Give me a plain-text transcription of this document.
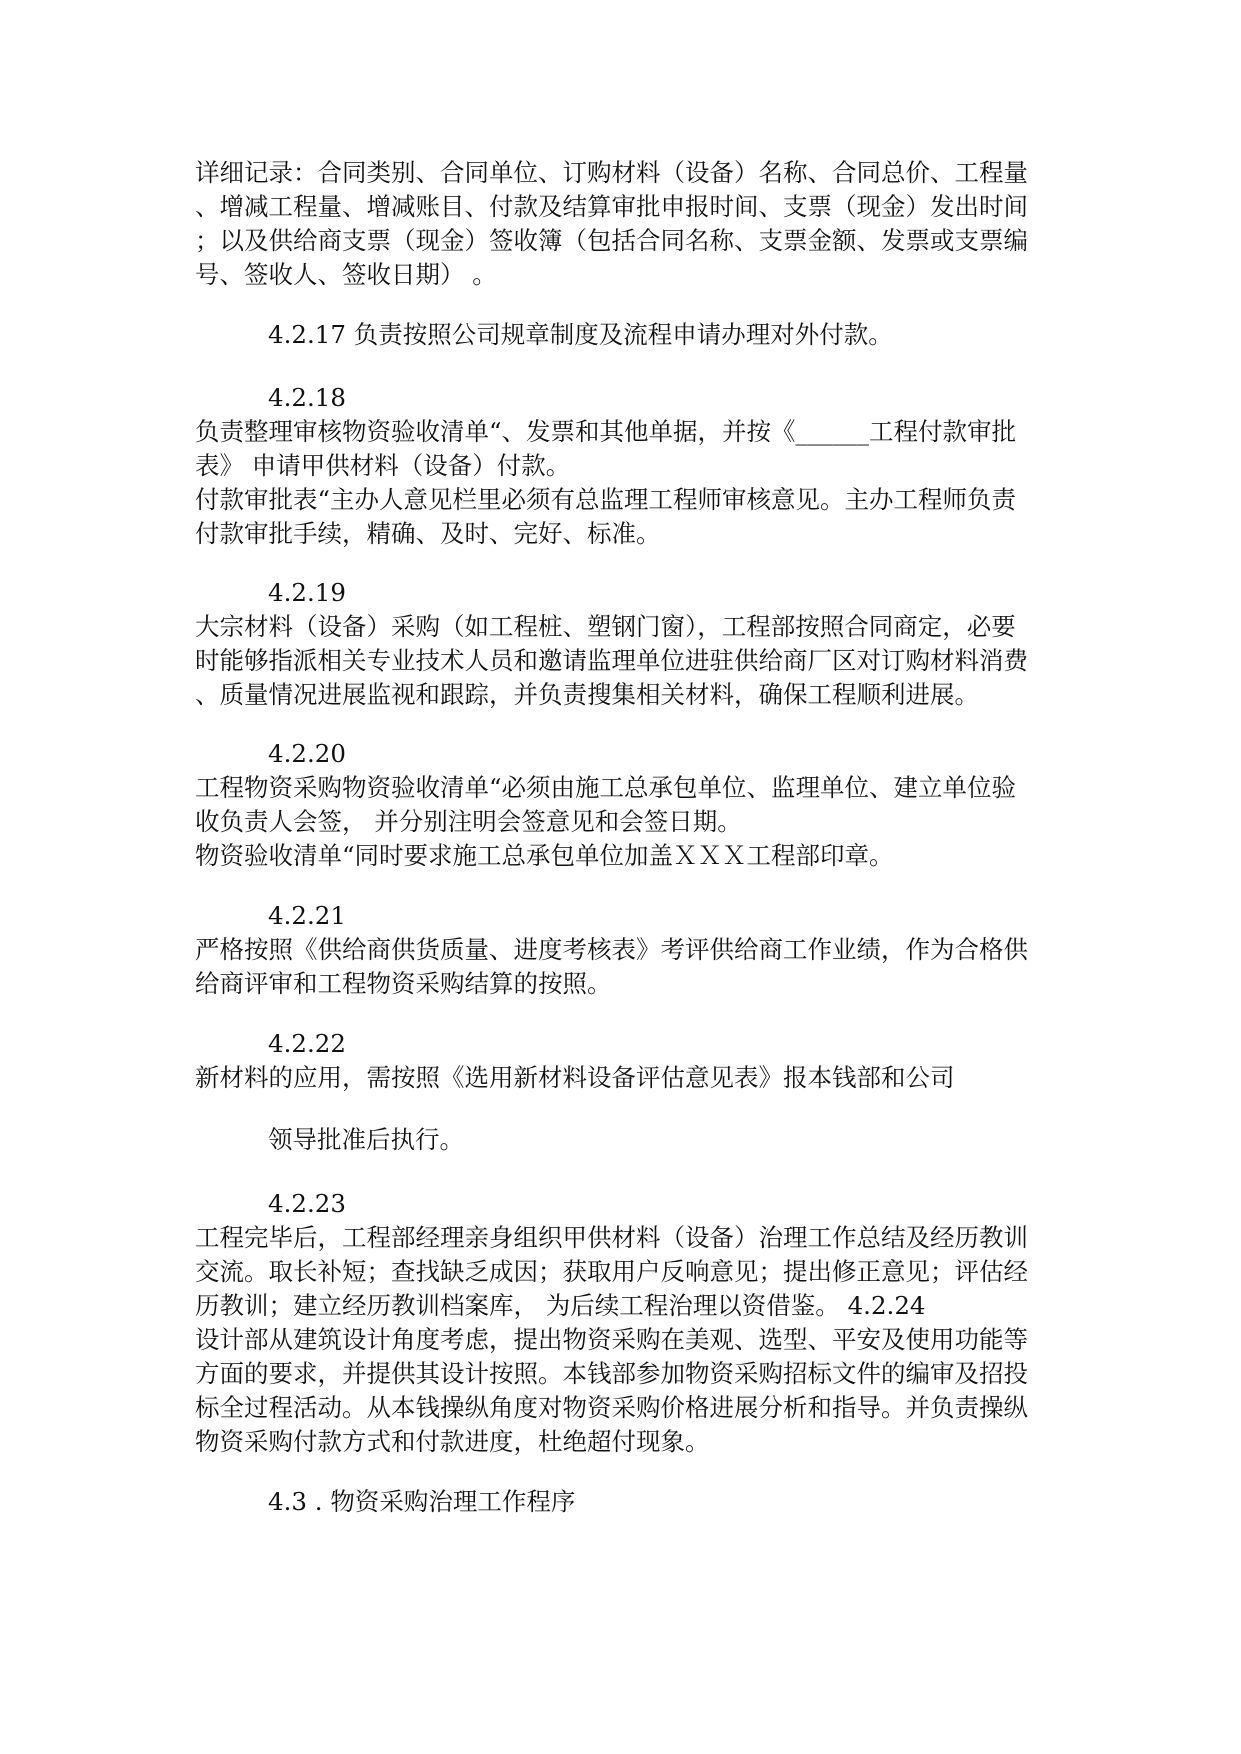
详细记录：合同类别、合同单位、订购材料（设备）名称、合同总价、工程量
、增减工程量、增减账目、付款及结算审批申报时间、支票（现金）发出时间
；以及供给商支票（现金）签收簿（包括合同名称、支票金额、发票或支票编
号、签收人、签收日期） 。
4.2.17 负责按照公司规章制度及流程申请办理对外付款。
4.2.18
负责整理审核物资验收清单“、发票和其他单据，并按《______工程付款审批
表》 申请甲供材料（设备）付款。
付款审批表“主办人意见栏里必须有总监理工程师审核意见。主办工程师负责
付款审批手续，精确、及时、完好、标准。
4.2.19
大宗材料（设备）采购（如工程桩、塑钢门窗），工程部按照合同商定，必要
时能够指派相关专业技术人员和邀请监理单位进驻供给商厂区对订购材料消费
、质量情况进展监视和跟踪，并负责搜集相关材料，确保工程顺利进展。
4.2.20
工程物资采购物资验收清单“必须由施工总承包单位、监理单位、建立单位验
收负责人会签， 并分别注明会签意见和会签日期。
物资验收清单“同时要求施工总承包单位加盖ＸＸＸ工程部印章。
4.2.21
严格按照《供给商供货质量、进度考核表》考评供给商工作业绩，作为合格供
给商评审和工程物资采购结算的按照。
4.2.22
新材料的应用，需按照《选用新材料设备评估意见表》报本钱部和公司
领导批准后执行。
4.2.23
工程完毕后，工程部经理亲身组织甲供材料（设备）治理工作总结及经历教训
交流。取长补短；查找缺乏成因；获取用户反响意见；提出修正意见；评估经
历教训；建立经历教训档案库， 为后续工程治理以资借鉴。 4.2.24
设计部从建筑设计角度考虑，提出物资采购在美观、选型、平安及使用功能等
方面的要求，并提供其设计按照。本钱部参加物资采购招标文件的编审及招投
标全过程活动。从本钱操纵角度对物资采购价格进展分析和指导。并负责操纵
物资采购付款方式和付款进度，杜绝超付现象。
4.3 . 物资采购治理工作程序
